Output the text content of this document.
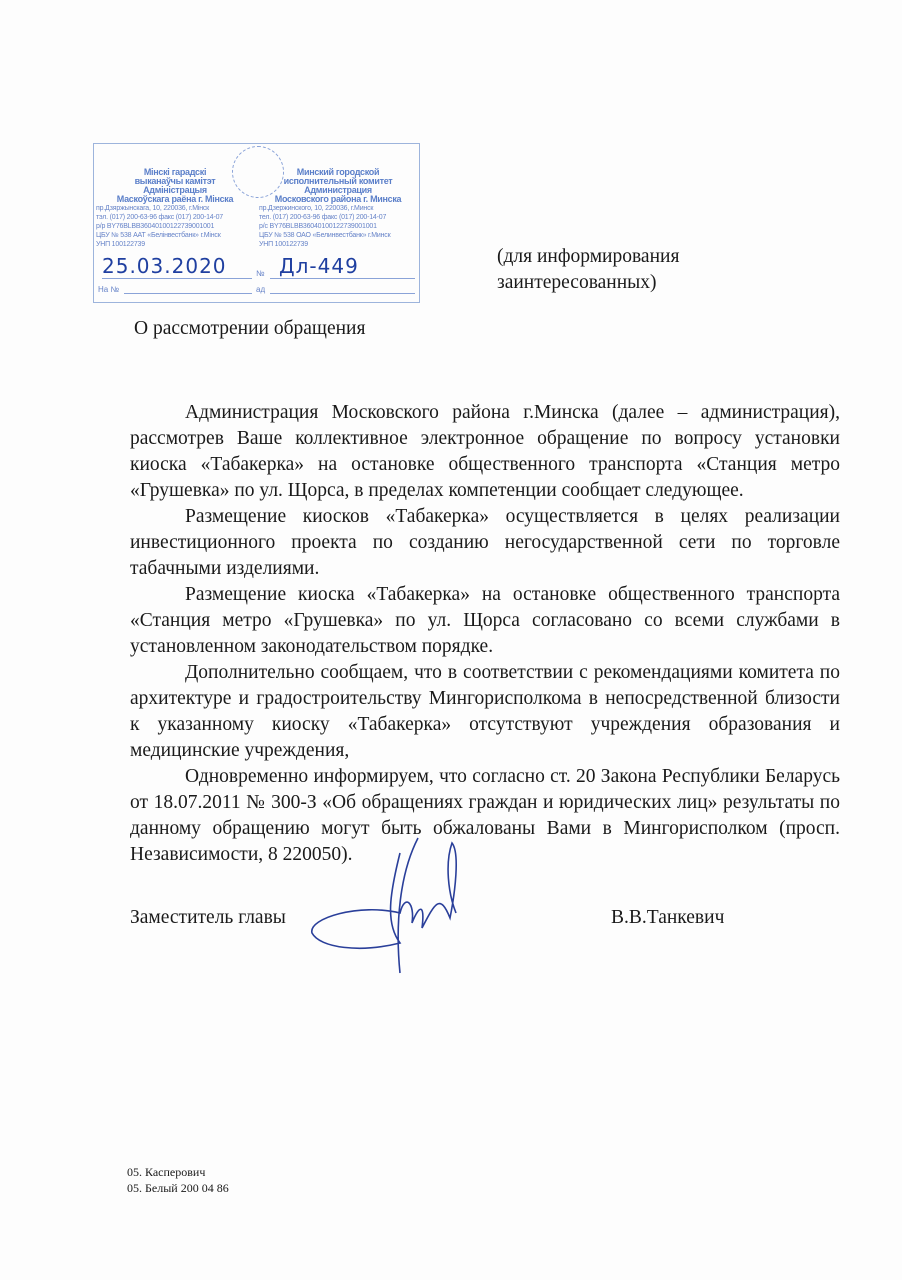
Мінскі гарадскі
выканаўчы камітэт
Адміністрацыя
Маскоўскага раёна г. Мінска
пр.Дзяржынскага, 10, 220036, г.Мінск
тэл. (017) 200-63-96 факс (017) 200-14-07
р/р BY76BLBB36040100122739001001
ЦБУ № 538 ААТ «Белінвестбанк» г.Мінск
УНП 100122739
Минский городской
исполнительный комитет
Администрация
Московского района г. Минска
пр.Дзержинского, 10, 220036, г.Минск
тел. (017) 200-63-96 факс (017) 200-14-07
р/с BY76BLBB36040100122739001001
ЦБУ № 538 ОАО «Белинвестбанк» г.Минск
УНП 100122739
25.03.2020	№ Дл-449
На №	ад
(для информирования
заинтересованных)
О рассмотрении обращения

Администрация Московского района г.Минска (далее – администрация), рассмотрев Ваше коллективное электронное обращение по вопросу установки киоска «Табакерка» на остановке общественного транспорта «Станция метро «Грушевка» по ул. Щорса, в пределах компетенции сообщает следующее.

Размещение киосков «Табакерка» осуществляется в целях реализации инвестиционного проекта по созданию негосударственной сети по торговле табачными изделиями.

Размещение киоска «Табакерка» на остановке общественного транспорта «Станция метро «Грушевка» по ул. Щорса согласовано со всеми службами в установленном законодательством порядке.

Дополнительно сообщаем, что в соответствии с рекомендациями комитета по архитектуре и градостроительству Мингорисполкома в непосредственной близости к указанному киоску «Табакерка» отсутствуют учреждения образования и медицинские учреждения,

Одновременно информируем, что согласно ст. 20 Закона Республики Беларусь от 18.07.2011 № 300-З «Об обращениях граждан и юридических лиц» результаты по данному обращению могут быть обжалованы Вами в Мингорисполком (просп. Независимости, 8 220050).

Заместитель главы	В.В.Танкевич
05. Касперович
05. Белый 200 04 86
